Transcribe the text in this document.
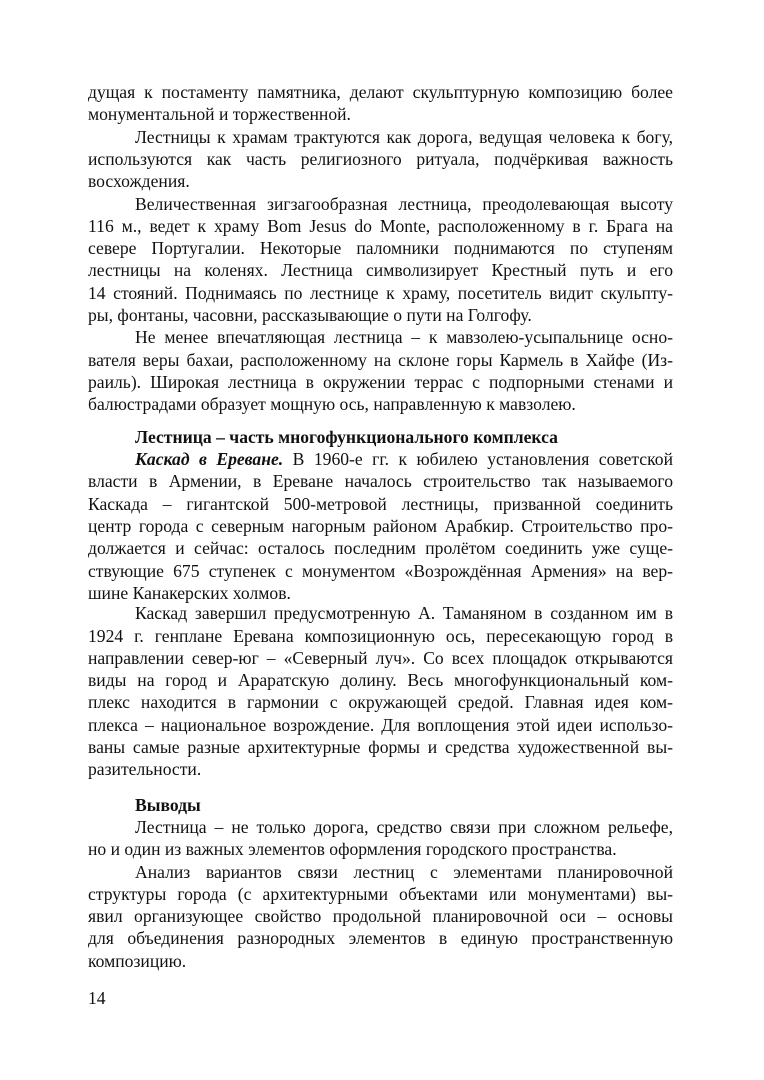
дущая к постаменту памятника, делают скульптурную композицию более
монументальной и торжественной.
Лестницы к храмам трактуются как дорога, ведущая человека к богу,
используются как часть религиозного ритуала, подчёркивая важность
восхождения.
Величественная зигзагообразная лестница, преодолевающая высоту
116 м., ведет к храму Bom Jesus do Monte, расположенному в г. Брага на
севере Португалии. Некоторые паломники поднимаются по ступеням
лестницы на коленях. Лестница символизирует Крестный путь и его
14 стояний. Поднимаясь по лестнице к храму, посетитель видит скульпту-
ры, фонтаны, часовни, рассказывающие о пути на Голгофу.
Не менее впечатляющая лестница – к мавзолею-усыпальнице осно-
вателя веры бахаи, расположенному на склоне горы Кармель в Хайфе (Из-
раиль). Широкая лестница в окружении террас с подпорными стенами и
балюстрадами образует мощную ось, направленную к мавзолею.
Лестница – часть многофункционального комплекса
Каскад в Ереване. В 1960-е гг. к юбилею установления советской
власти в Армении, в Ереване началось строительство так называемого
Каскада – гигантской 500-метровой лестницы, призванной соединить
центр города с северным нагорным районом Арабкир. Строительство про-
должается и сейчас: осталось последним пролётом соединить уже суще-
ствующие 675 ступенек с монументом «Возрождённая Армения» на вер-
шине Канакерских холмов.
Каскад завершил предусмотренную А. Таманяном в созданном им в
1924 г. генплане Еревана композиционную ось, пересекающую город в
направлении север-юг – «Северный луч». Со всех площадок открываются
виды на город и Араратскую долину. Весь многофункциональный ком-
плекс находится в гармонии с окружающей средой. Главная идея ком-
плекса – национальное возрождение. Для воплощения этой идеи использо-
ваны самые разные архитектурные формы и средства художественной вы-
разительности.
Выводы
Лестница – не только дорога, средство связи при сложном рельефе,
но и один из важных элементов оформления городского пространства.
Анализ вариантов связи лестниц с элементами планировочной
структуры города (с архитектурными объектами или монументами) вы-
явил организующее свойство продольной планировочной оси – основы
для объединения разнородных элементов в единую пространственную
композицию.
14
